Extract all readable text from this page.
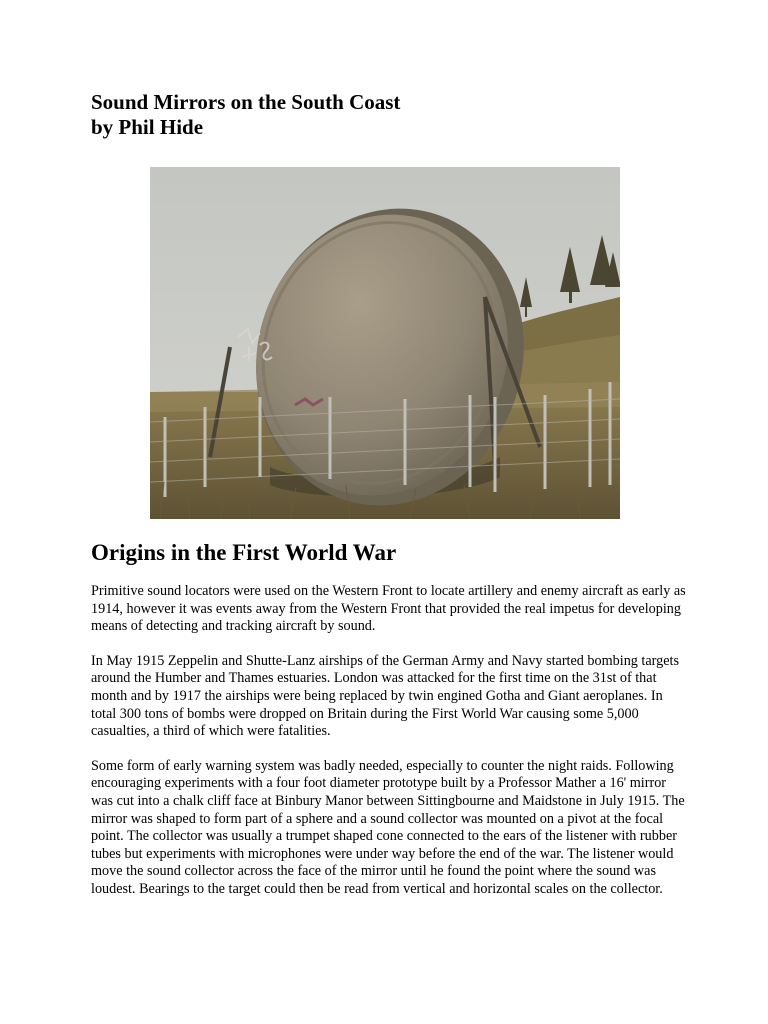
Sound Mirrors on the South Coast
by Phil Hide
Origins in the First World War

Primitive sound locators were used on the Western Front to locate artillery and enemy aircraft as early as 1914, however it was events away from the Western Front that provided the real impetus for developing means of detecting and tracking aircraft by sound.

In May 1915 Zeppelin and Shutte-Lanz airships of the German Army and Navy started bombing targets around the Humber and Thames estuaries. London was attacked for the first time on the 31st of that month and by 1917 the airships were being replaced by twin engined Gotha and Giant aeroplanes. In total 300 tons of bombs were dropped on Britain during the First World War causing some 5,000 casualties, a third of which were fatalities.

Some form of early warning system was badly needed, especially to counter the night raids. Following encouraging experiments with a four foot diameter prototype built by a Professor Mather a 16' mirror was cut into a chalk cliff face at Binbury Manor between Sittingbourne and Maidstone in July 1915. The mirror was shaped to form part of a sphere and a sound collector was mounted on a pivot at the focal point. The collector was usually a trumpet shaped cone connected to the ears of the listener with rubber tubes but experiments with microphones were under way before the end of the war. The listener would move the sound collector across the face of the mirror until he found the point where the sound was loudest. Bearings to the target could then be read from vertical and horizontal scales on the collector.
